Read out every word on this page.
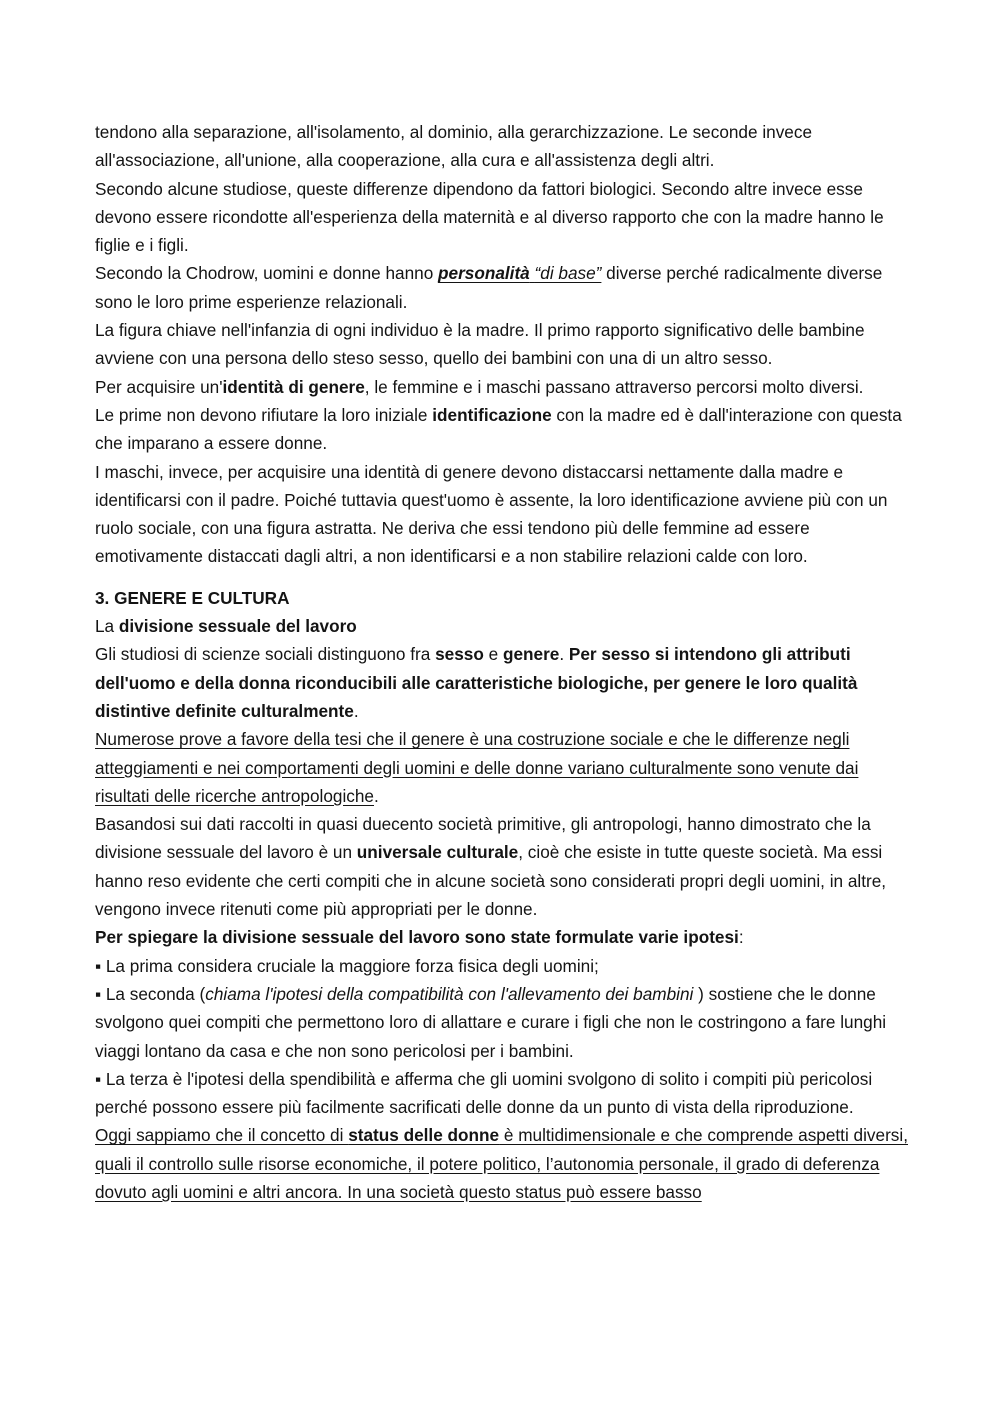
tendono alla separazione, all'isolamento, al dominio, alla gerarchizzazione. Le seconde invece all'associazione, all'unione, alla cooperazione, alla cura e all'assistenza degli altri.

Secondo alcune studiose, queste differenze dipendono da fattori biologici. Secondo altre invece esse devono essere ricondotte all'esperienza della maternità e al diverso rapporto che con la madre hanno le figlie e i figli.

Secondo la Chodrow, uomini e donne hanno personalità “di base” diverse perché radicalmente diverse sono le loro prime esperienze relazionali.

La figura chiave nell'infanzia di ogni individuo è la madre. Il primo rapporto significativo delle bambine avviene con una persona dello steso sesso, quello dei bambini con una di un altro sesso.

Per acquisire un'identità di genere, le femmine e i maschi passano attraverso percorsi molto diversi.

Le prime non devono rifiutare la loro iniziale identificazione con la madre ed è dall'interazione con questa che imparano a essere donne.

I maschi, invece, per acquisire una identità di genere devono distaccarsi nettamente dalla madre e identificarsi con il padre. Poiché tuttavia quest'uomo è assente, la loro identificazione avviene più con un ruolo sociale, con una figura astratta. Ne deriva che essi tendono più delle femmine ad essere emotivamente distaccati dagli altri, a non identificarsi e a non stabilire relazioni calde con loro.

3. GENERE E CULTURA

La divisione sessuale del lavoro

Gli studiosi di scienze sociali distinguono fra sesso e genere. Per sesso si intendono gli attributi dell'uomo e della donna riconducibili alle caratteristiche biologiche, per genere le loro qualità distintive definite culturalmente.

Numerose prove a favore della tesi che il genere è una costruzione sociale e che le differenze negli atteggiamenti e nei comportamenti degli uomini e delle donne variano culturalmente sono venute dai risultati delle ricerche antropologiche.

Basandosi sui dati raccolti in quasi duecento società primitive, gli antropologi, hanno dimostrato che la divisione sessuale del lavoro è un universale culturale, cioè che esiste in tutte queste società. Ma essi hanno reso evidente che certi compiti che in alcune società sono considerati propri degli uomini, in altre, vengono invece ritenuti come più appropriati per le donne.

Per spiegare la divisione sessuale del lavoro sono state formulate varie ipotesi:

▪ La prima considera cruciale la maggiore forza fisica degli uomini;

▪ La seconda (chiama l'ipotesi della compatibilità con l'allevamento dei bambini ) sostiene che le donne svolgono quei compiti che permettono loro di allattare e curare i figli che non le costringono a fare lunghi viaggi lontano da casa e che non sono pericolosi per i bambini.

▪ La terza è l'ipotesi della spendibilità e afferma che gli uomini svolgono di solito i compiti più pericolosi perché possono essere più facilmente sacrificati delle donne da un punto di vista della riproduzione.

Oggi sappiamo che il concetto di status delle donne è multidimensionale e che comprende aspetti diversi, quali il controllo sulle risorse economiche, il potere politico, l’autonomia personale, il grado di deferenza dovuto agli uomini e altri ancora. In una società questo status può essere basso
